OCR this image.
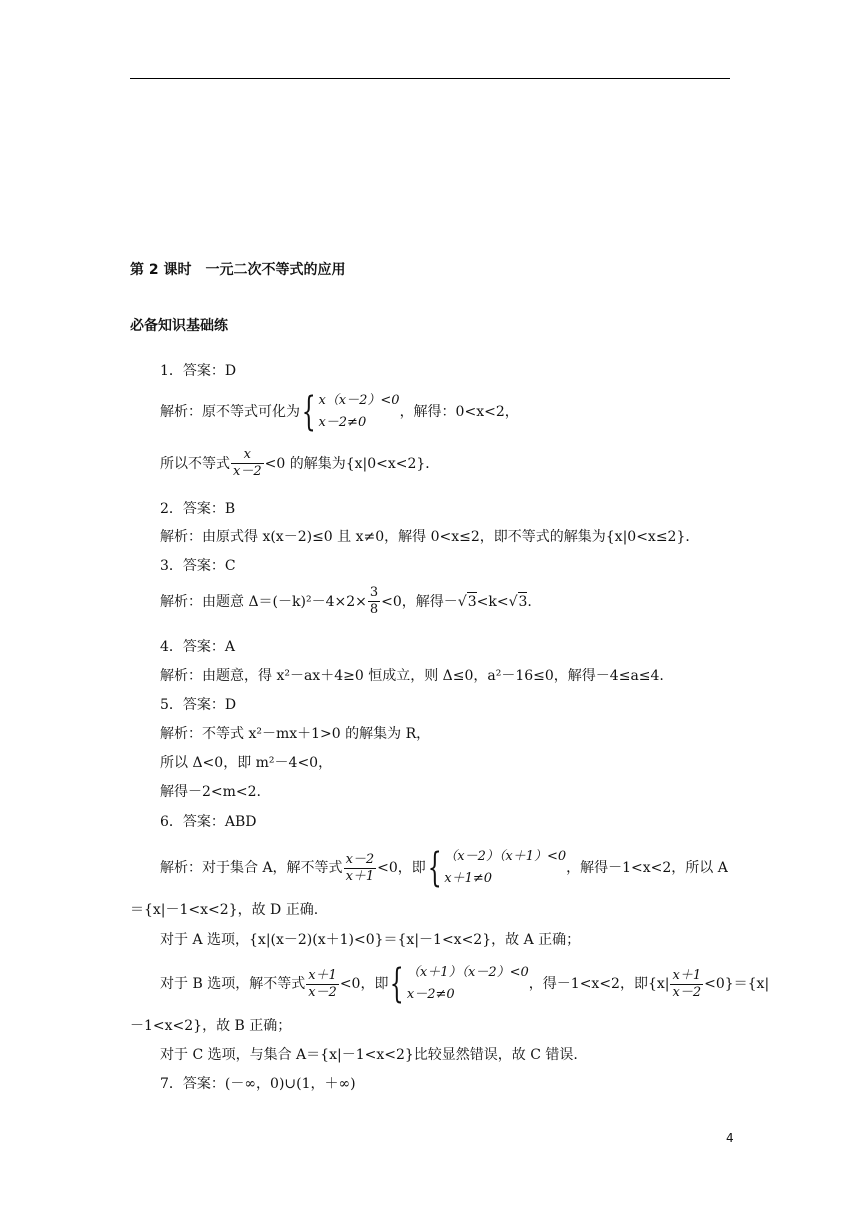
第 2 课时　一元二次不等式的应用
必备知识基础练
1．答案：D
解析：原不等式可化为 { x（x－2）<0
x－2≠0
，解得：0<x<2，
所以不等式 $\frac{x}{x-2} <0$ 的解集为{x|0<x<2}．
2．答案：B
解析：由原式得 x(x－2)≤0 且 x≠0，解得 0<x≤2，即不等式的解集为{x|0<x≤2}．
3．答案：C
解析：由题意 $\Delta=(-k)^2-4\times 2\times \frac{3}{8} <0$，解得－ √ 3 <k< √ 3 .
4．答案：A
解析：由题意，得 x²－ax＋4≥0 恒成立，则 Δ≤0，a²－16≤0，解得－4≤a≤4.
5．答案：D
解析：不等式 x²－mx＋1>0 的解集为 R，
所以 Δ<0，即 m²－4<0，
解得－2<m<2.
6．答案：ABD
解析：对于集合 A，解不等式 $\frac{x-2}{x+1} <0$，即 { （x－2）（x＋1）<0
x＋1≠0
，解得－1<x<2，所以 A
＝{x|－1<x<2}，故 D 正确.
对于 A 选项，{x|(x－2)(x＋1)<0}＝{x|－1<x<2}，故 A 正确；
对于 B 选项，解不等式 $\frac{x+1}{x-2} <0$，即 { （x＋1）（x－2）<0
x－2≠0
，得－1<x<2，即$\{x| \frac{x+1}{x-2} <0\}=\{x|$
－1<x<2}，故 B 正确；
对于 C 选项，与集合 A＝{x|－1<x<2}比较显然错误，故 C 错误.
7．答案：(－∞，0)∪(1，＋∞)
4
